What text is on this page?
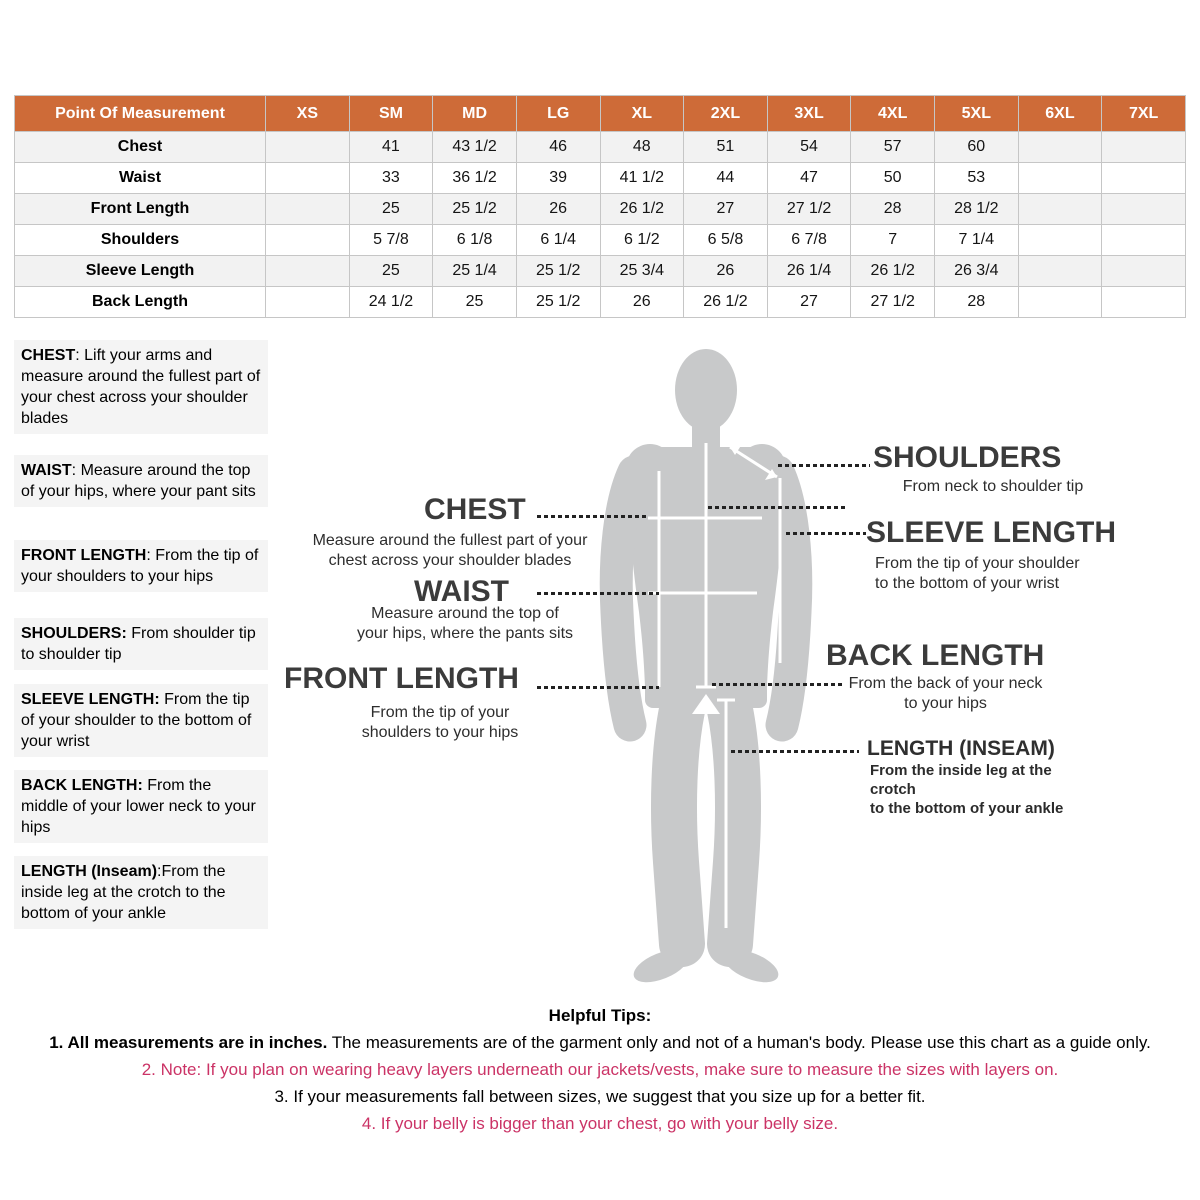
Point Of Measurement	XS	SM	MD	LG	XL	2XL	3XL	4XL	5XL	6XL	7XL
Chest		41	43 1/2	46	48	51	54	57	60		
Waist		33	36 1/2	39	41 1/2	44	47	50	53		
Front Length		25	25 1/2	26	26 1/2	27	27 1/2	28	28 1/2		
Shoulders		5 7/8	6 1/8	6 1/4	6 1/2	6 5/8	6 7/8	7	7 1/4		
Sleeve Length		25	25 1/4	25 1/2	25 3/4	26	26 1/4	26 1/2	26 3/4		
Back Length		24 1/2	25	25 1/2	26	26 1/2	27	27 1/2	28		
CHEST: Lift your arms and measure around the fullest part of your chest across your shoulder blades
WAIST: Measure around the top of your hips, where your pant sits
FRONT LENGTH: From the tip of your shoulders to your hips
SHOULDERS: From shoulder tip to shoulder tip
SLEEVE LENGTH: From the tip of your shoulder to the bottom of your wrist
BACK LENGTH: From the middle of your lower neck to your hips
LENGTH (Inseam):From the inside leg at the crotch to the bottom of your ankle
CHEST
Measure around the fullest part of your
chest across your shoulder blades
WAIST
Measure around the top of
your hips, where the pants sits
FRONT LENGTH
From the tip of your
shoulders to your hips
SHOULDERS
From neck to shoulder tip
SLEEVE LENGTH
From the tip of your shoulder
to the bottom of your wrist
BACK LENGTH
From the back of your neck
to your hips
LENGTH (INSEAM)
From the inside leg at the crotch
to the bottom of your ankle
Helpful Tips:
1. All measurements are in inches. The measurements are of the garment only and not of a human's body. Please use this chart as a guide only.
2. Note: If you plan on wearing heavy layers underneath our jackets/vests, make sure to measure the sizes with layers on.
3. If your measurements fall between sizes, we suggest that you size up for a better fit.
4. If your belly is bigger than your chest, go with your belly size.
